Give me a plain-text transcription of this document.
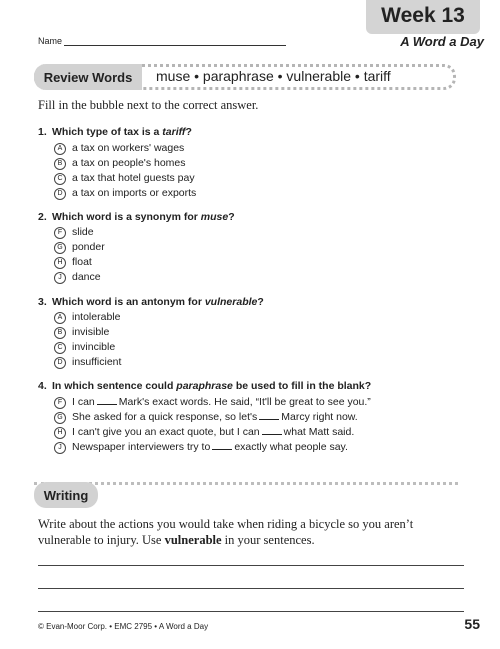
Name
Week 13
A Word a Day
Review Words	muse • paraphrase • vulnerable • tariff
Fill in the bubble next to the correct answer.
1. Which type of tax is a tariff?
A a tax on workers' wages
B a tax on people's homes
C a tax that hotel guests pay
D a tax on imports or exports
2. Which word is a synonym for muse?
F slide
G ponder
H float
J dance
3. Which word is an antonym for vulnerable?
A intolerable
B invisible
C invincible
D insufficient
4. In which sentence could paraphrase be used to fill in the blank?
F I can Mark's exact words. He said, “It'll be great to see you.”
G She asked for a quick response, so let's Marcy right now.
H I can't give you an exact quote, but I can what Matt said.
J Newspaper interviewers try to exactly what people say.
Writing
Write about the actions you would take when riding a bicycle so you aren’t vulnerable to injury. Use vulnerable in your sentences.
© Evan-Moor Corp. • EMC 2795 • A Word a Day	55
